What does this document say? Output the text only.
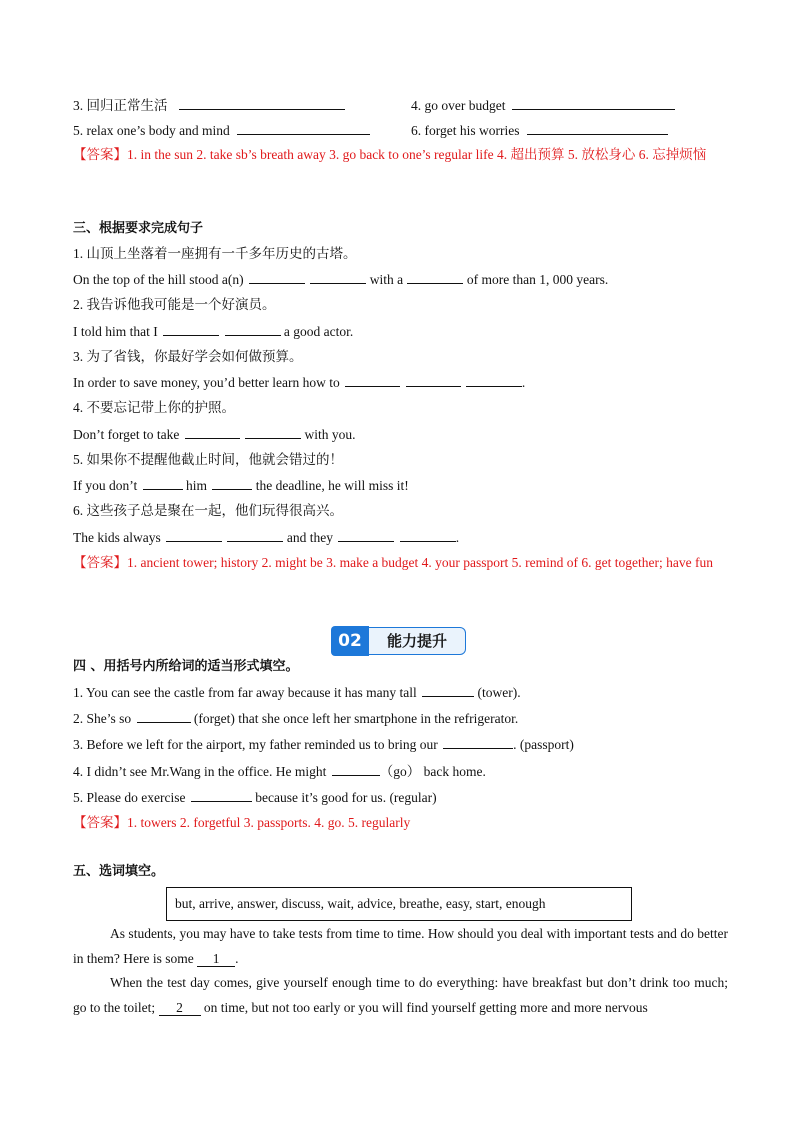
3. 回归正常生活	4. go over budget
5. relax one’s body and mind	6. forget his worries
【答案】1. in the sun 2. take sb’s breath away 3. go back to one’s regular life 4. 超出预算 5. 放松身心 6. 忘掉烦恼
三、根据要求完成句子
1. 山顶上坐落着一座拥有一千多年历史的古塔。
On the top of the hill stood a(n)	with a	of more than 1, 000 years.
2. 我告诉他我可能是一个好演员。
I told him that I	a good actor.
3. 为了省钱，你最好学会如何做预算。
In order to save money, you’d better learn how to	.
4. 不要忘记带上你的护照。
Don’t forget to take	with you.
5. 如果你不提醒他截止时间，他就会错过的！
If you don’t	him	the deadline, he will miss it!
6. 这些孩子总是聚在一起，他们玩得很高兴。
The kids always	and they	.
【答案】1. ancient tower; history 2. might be 3. make a budget 4. your passport 5. remind of 6. get together; have fun
02	能力提升
四 、用括号内所给词的适当形式填空。
1. You can see the castle from far away because it has many tall	(tower).
2. She’s so	(forget) that she once left her smartphone in the refrigerator.
3. Before we left for the airport, my father reminded us to bring our	. (passport)
4. I didn’t see Mr.Wang in the office. He might	（go） back home.
5. Please do exercise	because it’s good for us. (regular)
【答案】1. towers 2. forgetful 3. passports. 4. go. 5. regularly
五、选词填空。
but, arrive, answer, discuss, wait, advice, breathe, easy, start, enough
As students, you may have to take tests from time to time. How should you deal with important tests and do better in them? Here is some 1 .
When the test day comes, give yourself enough time to do everything: have breakfast but don’t drink too much; go to the toilet; 2 on time, but not too early or you will find yourself getting more and more nervous
